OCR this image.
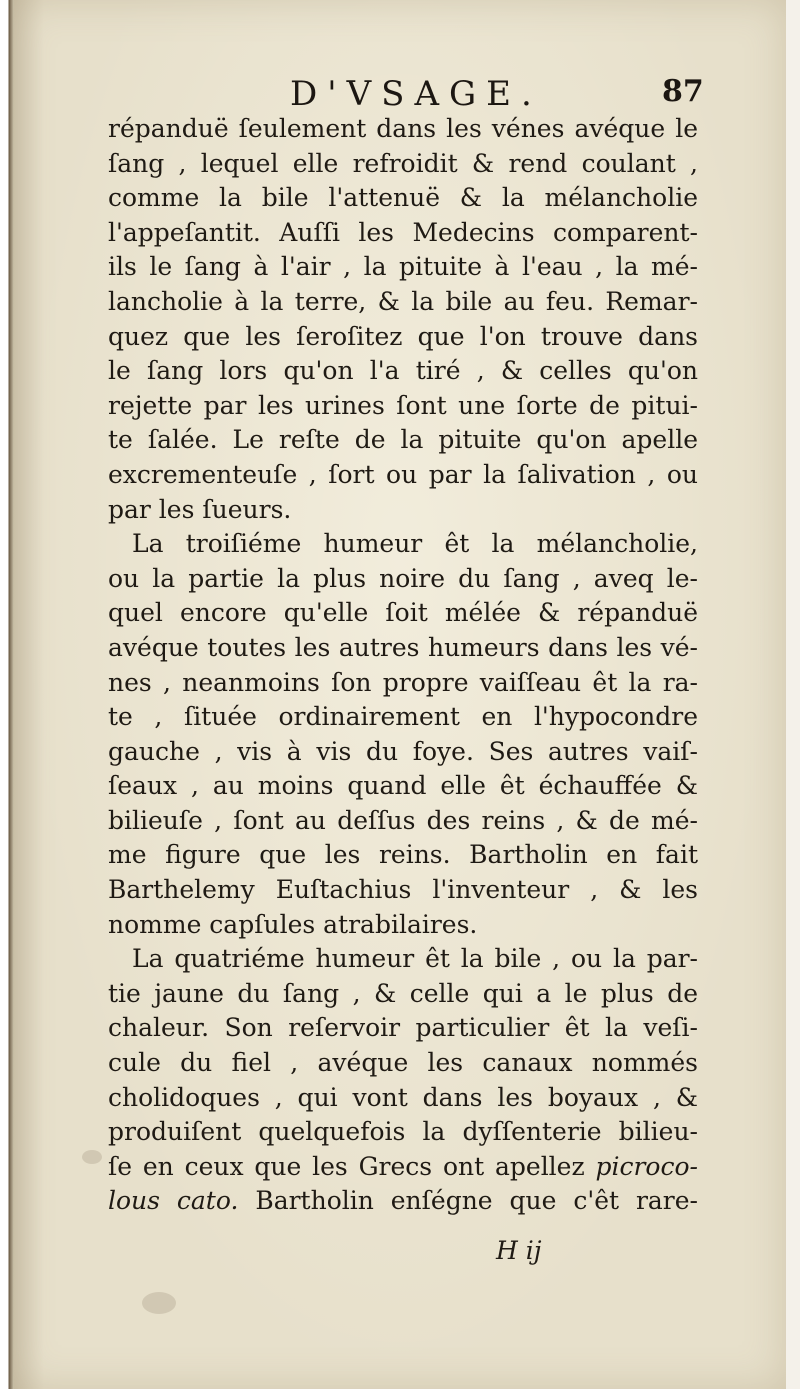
D'VSAGE.	87
répanduë ſeulement dans les vénes avéque le
ſang , lequel elle refroidit & rend coulant ,
comme la bile l'attenuë & la mélancholie
l'appeſantit. Auſſi les Medecins comparent-
ils le ſang à l'air , la pituite à l'eau , la mé-
lancholie à la terre, & la bile au feu. Remar-
quez que les ſeroſitez que l'on trouve dans
le ſang lors qu'on l'a tiré , & celles qu'on
rejette par les urines ſont une ſorte de pitui-
te ſalée. Le reſte de la pituite qu'on apelle
excrementeuſe , ſort ou par la ſalivation , ou
par les ſueurs.
La troiſiéme humeur êt la mélancholie,
ou la partie la plus noire du ſang , aveq le-
quel encore qu'elle ſoit mélée & répanduë
avéque toutes les autres humeurs dans les vé-
nes , neanmoins ſon propre vaiſſeau êt la ra-
te , ſituée ordinairement en l'hypocondre
gauche , vis à vis du foye. Ses autres vaiſ-
ſeaux , au moins quand elle êt échauffée &
bilieuſe , ſont au deſſus des reins , & de mé-
me figure que les reins. Bartholin en fait
Barthelemy Euſtachius l'inventeur , & les
nomme capſules atrabilaires.
La quatriéme humeur êt la bile , ou la par-
tie jaune du ſang , & celle qui a le plus de
chaleur. Son reſervoir particulier êt la veſi-
cule du fiel , avéque les canaux nommés
cholidoques , qui vont dans les boyaux , &
produiſent quelquefois la dyſſenterie bilieu-
ſe en ceux que les Grecs ont apellez picroco-
lous cato. Bartholin enſégne que c'êt rare-
H ij
